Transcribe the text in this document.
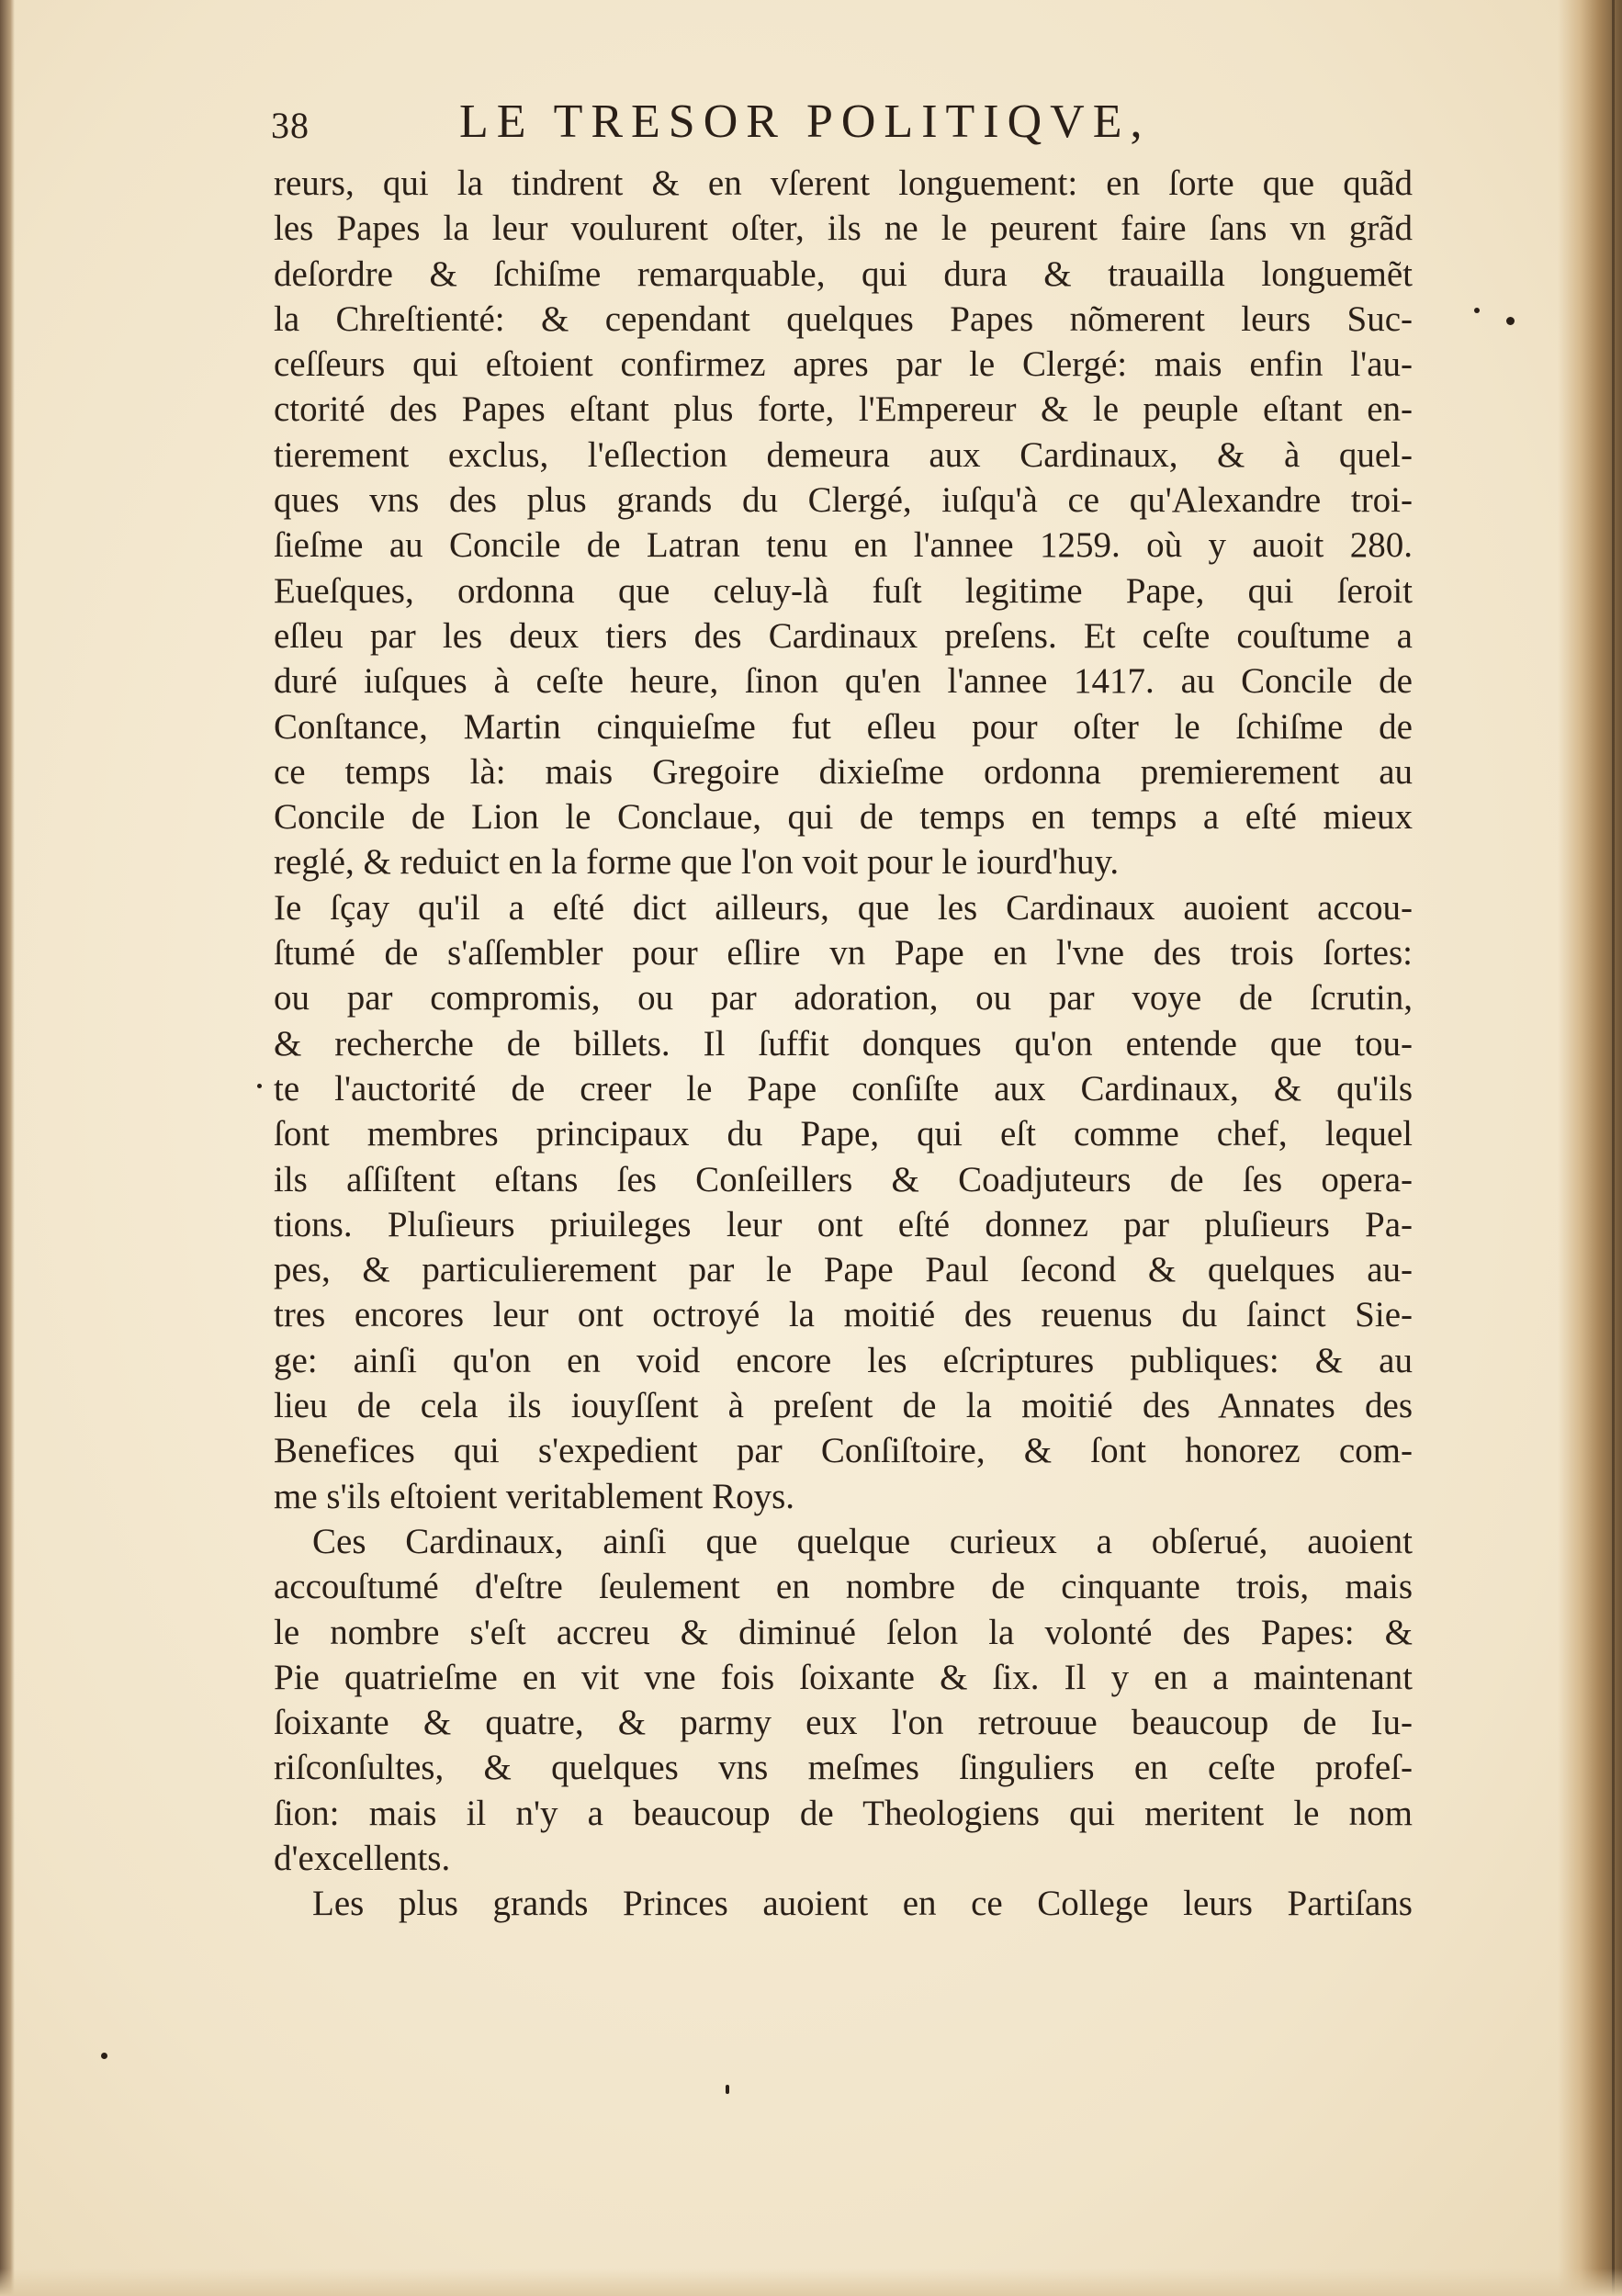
38	LE TRESOR POLITIQVE,
reurs, qui la tindrent & en vſerent longuement: en ſorte que quãd
les Papes la leur voulurent oſter, ils ne le peurent faire ſans vn grãd
deſordre & ſchiſme remarquable, qui dura & trauailla longuemẽt
la Chreſtienté: & cependant quelques Papes nõmerent leurs Suc-
ceſſeurs qui eſtoient confirmez apres par le Clergé: mais enfin l'au-
ctorité des Papes eſtant plus forte, l'Empereur & le peuple eſtant en-
tierement exclus, l'eſlection demeura aux Cardinaux, & à quel-
ques vns des plus grands du Clergé, iuſqu'à ce qu'Alexandre troi-
ſieſme au Concile de Latran tenu en l'annee 1259. où y auoit 280.
Eueſques, ordonna que celuy-là fuſt legitime Pape, qui ſeroit
eſleu par les deux tiers des Cardinaux preſens. Et ceſte couſtume a
duré iuſques à ceſte heure, ſinon qu'en l'annee 1417. au Concile de
Conſtance, Martin cinquieſme fut eſleu pour oſter le ſchiſme de
ce temps là: mais Gregoire dixieſme ordonna premierement au
Concile de Lion le Conclaue, qui de temps en temps a eſté mieux
reglé, & reduict en la forme que l'on voit pour le iourd'huy.
Ie ſçay qu'il a eſté dict ailleurs, que les Cardinaux auoient accou-
ſtumé de s'aſſembler pour eſlire vn Pape en l'vne des trois ſortes:
ou par compromis, ou par adoration, ou par voye de ſcrutin,
& recherche de billets. Il ſuffit donques qu'on entende que tou-
te l'auctorité de creer le Pape conſiſte aux Cardinaux, & qu'ils
ſont membres principaux du Pape, qui eſt comme chef, lequel
ils aſſiſtent eſtans ſes Conſeillers & Coadjuteurs de ſes opera-
tions. Pluſieurs priuileges leur ont eſté donnez par pluſieurs Pa-
pes, & particulierement par le Pape Paul ſecond & quelques au-
tres encores leur ont octroyé la moitié des reuenus du ſainct Sie-
ge: ainſi qu'on en void encore les eſcriptures publiques: & au
lieu de cela ils iouyſſent à preſent de la moitié des Annates des
Benefices qui s'expedient par Conſiſtoire, & ſont honorez com-
me s'ils eſtoient veritablement Roys.
Ces Cardinaux, ainſi que quelque curieux a obſerué, auoient
accouſtumé d'eſtre ſeulement en nombre de cinquante trois, mais
le nombre s'eſt accreu & diminué ſelon la volonté des Papes: &
Pie quatrieſme en vit vne fois ſoixante & ſix. Il y en a maintenant
ſoixante & quatre, & parmy eux l'on retrouue beaucoup de Iu-
riſconſultes, & quelques vns meſmes ſinguliers en ceſte profeſ-
ſion: mais il n'y a beaucoup de Theologiens qui meritent le nom
d'excellents.
Les plus grands Princes auoient en ce College leurs Partiſans
